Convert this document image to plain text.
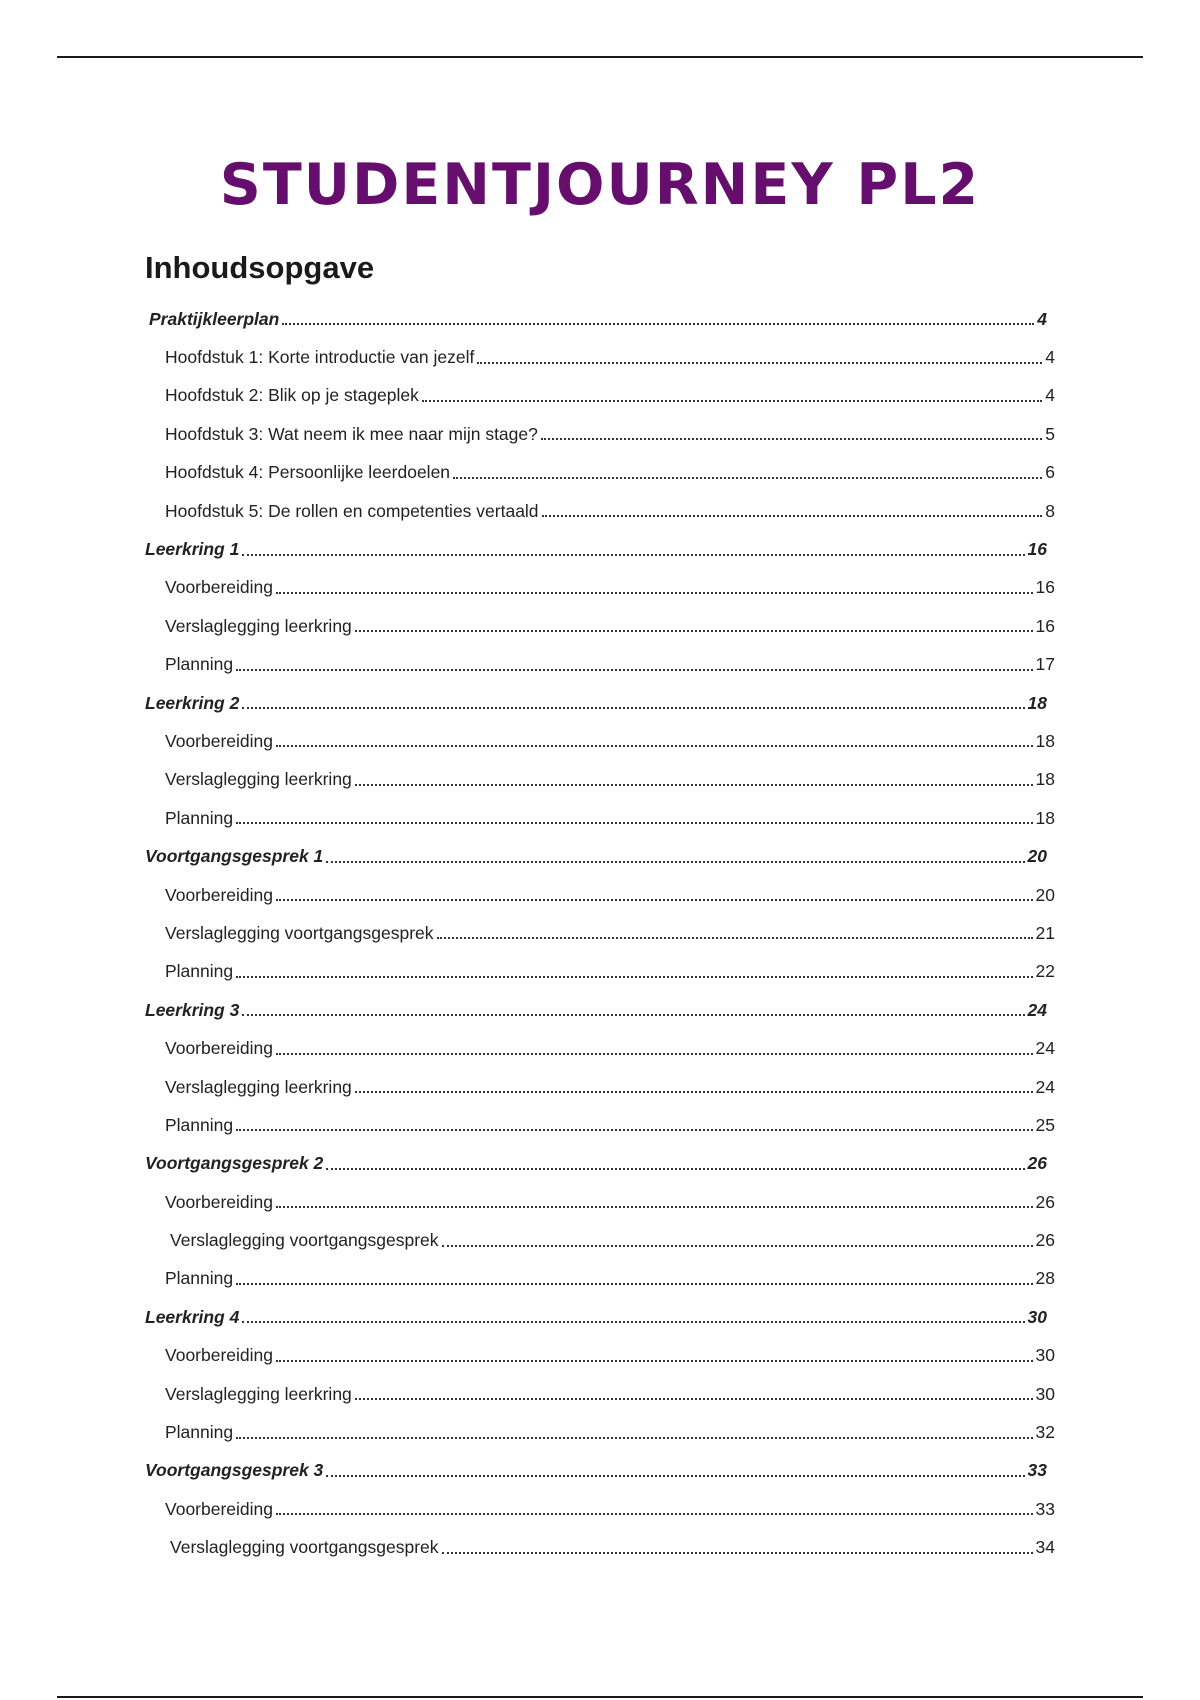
STUDENTJOURNEY PL2
Inhoudsopgave
Praktijkleerplan	4
Hoofdstuk 1: Korte introductie van jezelf	4
Hoofdstuk 2: Blik op je stageplek	4
Hoofdstuk 3: Wat neem ik mee naar mijn stage?	5
Hoofdstuk 4: Persoonlijke leerdoelen	6
Hoofdstuk 5: De rollen en competenties vertaald	8
Leerkring 1	16
Voorbereiding	16
Verslaglegging leerkring	16
Planning	17
Leerkring 2	18
Voorbereiding	18
Verslaglegging leerkring	18
Planning	18
Voortgangsgesprek 1	20
Voorbereiding	20
Verslaglegging voortgangsgesprek	21
Planning	22
Leerkring 3	24
Voorbereiding	24
Verslaglegging leerkring	24
Planning	25
Voortgangsgesprek 2	26
Voorbereiding	26
Verslaglegging voortgangsgesprek	26
Planning	28
Leerkring 4	30
Voorbereiding	30
Verslaglegging leerkring	30
Planning	32
Voortgangsgesprek 3	33
Voorbereiding	33
Verslaglegging voortgangsgesprek	34
